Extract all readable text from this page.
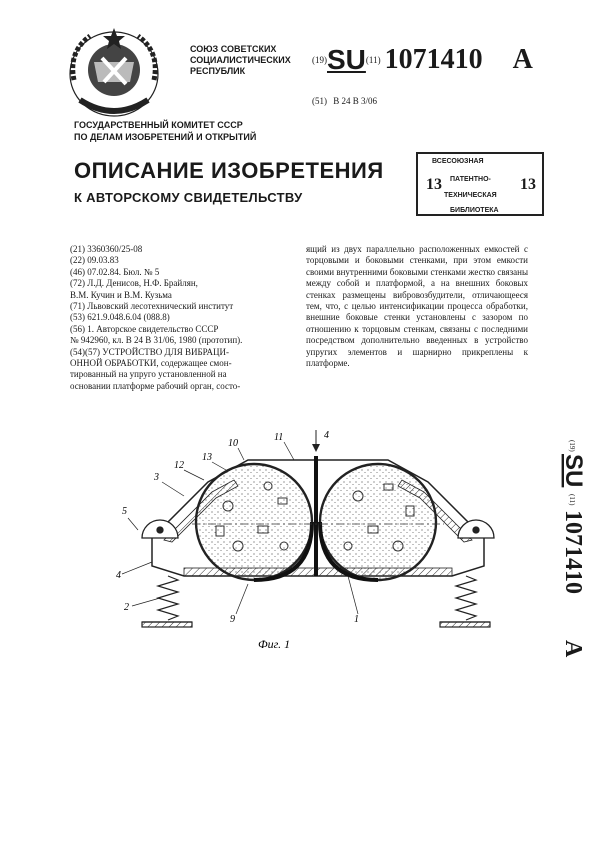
СОЮЗ СОВЕТСКИХ
СОЦИАЛИСТИЧЕСКИХ
РЕСПУБЛИК
(19)SU(11) 1071410 A
(51) В 24 В 3/06
ГОСУДАРСТВЕННЫЙ КОМИТЕТ СССР
ПО ДЕЛАМ ИЗОБРЕТЕНИЙ И ОТКРЫТИЙ
ОПИСАНИЕ ИЗОБРЕТЕНИЯ
К АВТОРСКОМУ СВИДЕТЕЛЬСТВУ
ВСЕСОЮЗНАЯ
13 ПАТЕНТНО-
ТЕХНИЧЕСКАЯ
БИБЛИОТЕКА
13
(21) 3360360/25-08
(22) 09.03.83
(46) 07.02.84. Бюл. № 5
(72) Л.Д. Денисов, Н.Ф. Брайлян,
В.М. Кучин и В.М. Кузьма
(71) Львовский лесотехнический институт
(53) 621.9.048.6.04 (088.8)
(56) 1. Авторское свидетельство СССР
№ 942960, кл. В 24 В 31/06, 1980 (прототип).
(54)(57) УСТРОЙСТВО ДЛЯ ВИБРАЦИ-
ОННОЙ ОБРАБОТКИ, содержащее смон-
тированный на упруго установленной на
основании платформе рабочий орган, состо-
ящий из двух параллельно расположенных емкостей с торцовыми и боковыми стенками, при этом емкости своими внутренними боковыми стенками жестко связаны между собой и платформой, а на внешних боковых стенках размещены вибровозбудители, отличающееся тем, что, с целью интенсификации процесса обработки, внешние боковые стенки установлены с зазором по отношению к торцовым стенкам, связаны с последними посредством дополнительно введенных в устройство упругих элементов и шарнирно прикреплены к платформе.
4
11
10
13
12
3
5
4
2
9	1
Фиг. 1
(19)
SU
(11)
1071410
A
